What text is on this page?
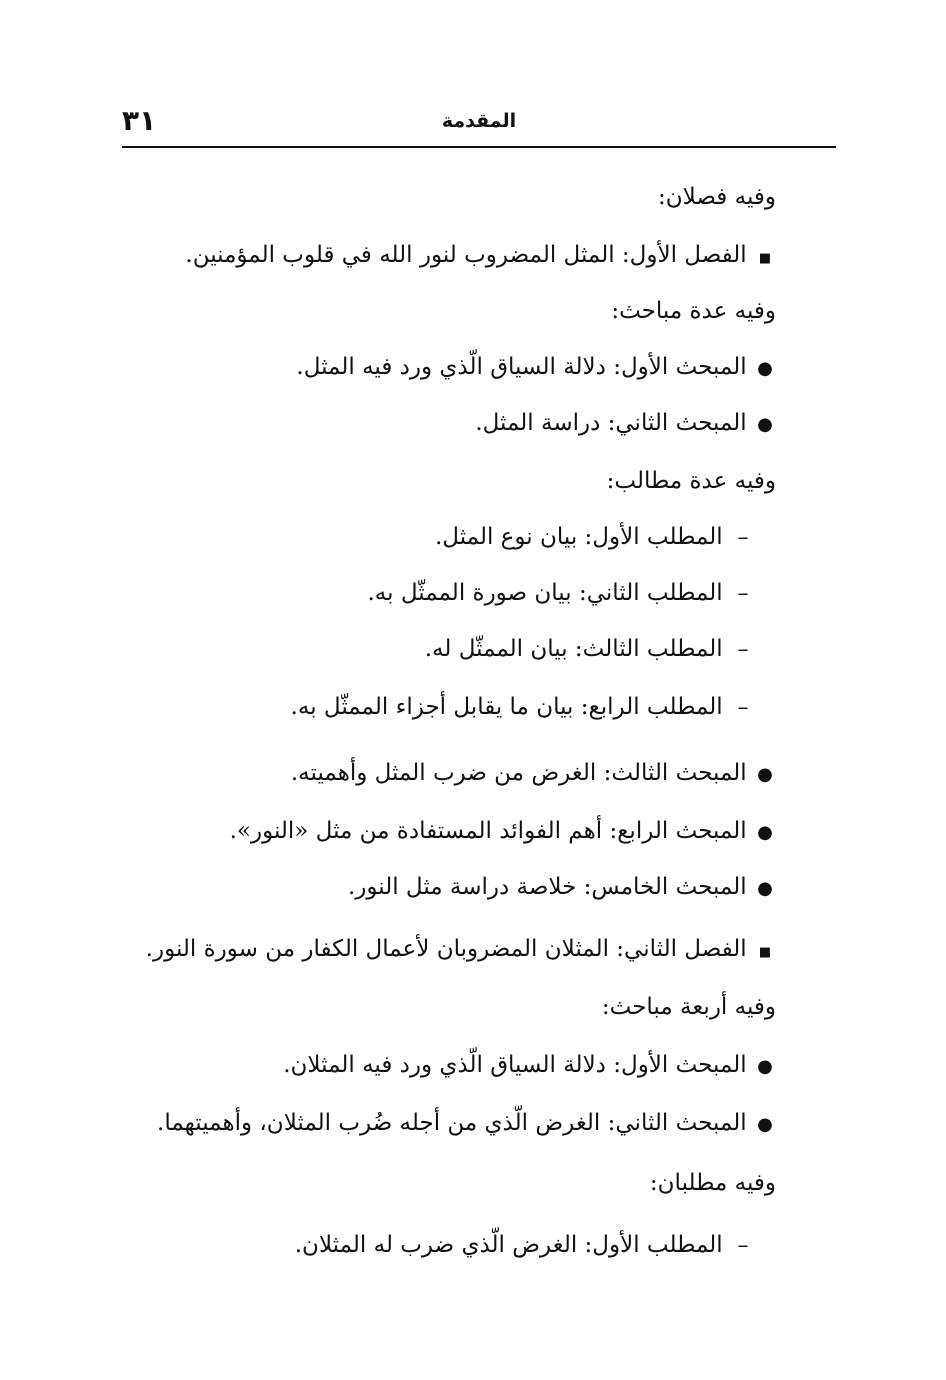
المقدمة
٣١
وفيه فصلان:
■ الفصل الأول: المثل المضروب لنور الله في قلوب المؤمنين.
وفيه عدة مباحث:
● المبحث الأول: دلالة السياق الّذي ورد فيه المثل.
● المبحث الثاني: دراسة المثل.
وفيه عدة مطالب:
– المطلب الأول: بيان نوع المثل.
– المطلب الثاني: بيان صورة الممثّل به.
– المطلب الثالث: بيان الممثّل له.
– المطلب الرابع: بيان ما يقابل أجزاء الممثّل به.
● المبحث الثالث: الغرض من ضرب المثل وأهميته.
● المبحث الرابع: أهم الفوائد المستفادة من مثل «النور».
● المبحث الخامس: خلاصة دراسة مثل النور.
■ الفصل الثاني: المثلان المضروبان لأعمال الكفار من سورة النور.
وفيه أربعة مباحث:
● المبحث الأول: دلالة السياق الّذي ورد فيه المثلان.
● المبحث الثاني: الغرض الّذي من أجله ضُرب المثلان، وأهميتهما.
وفيه مطلبان:
– المطلب الأول: الغرض الّذي ضرب له المثلان.
